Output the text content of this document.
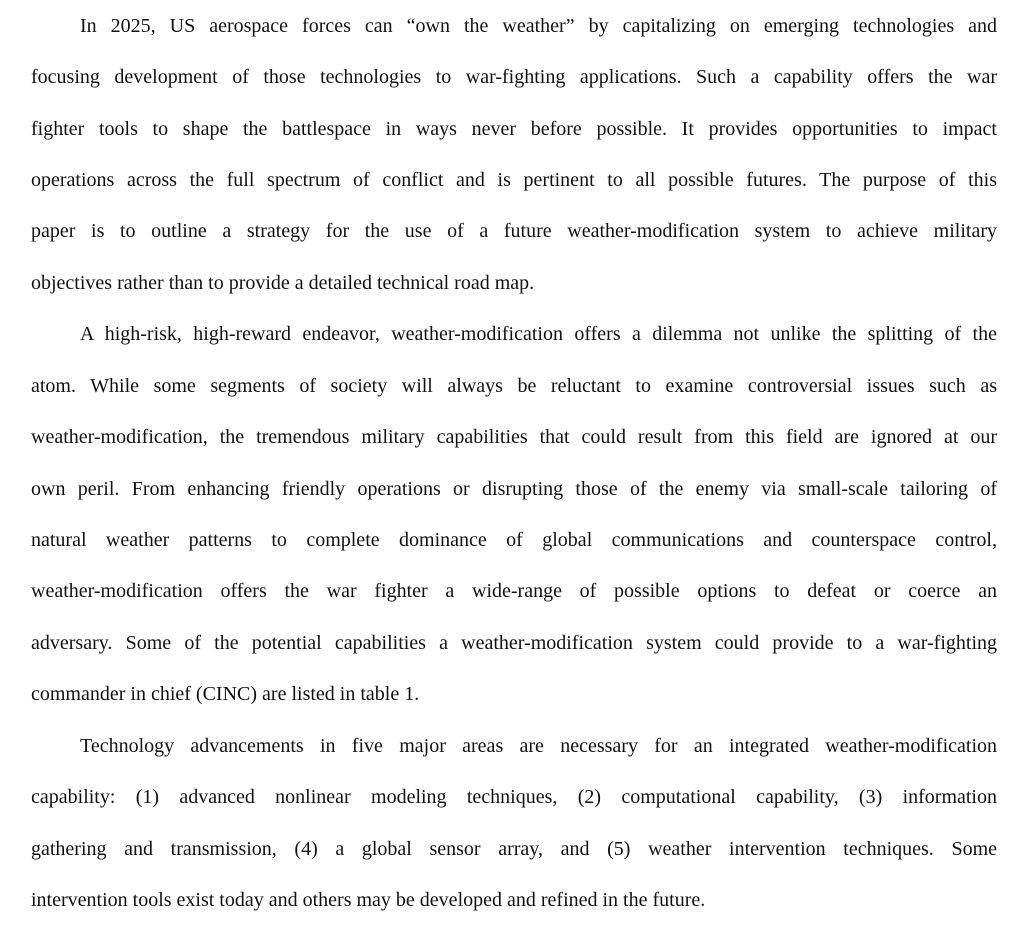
In 2025, US aerospace forces can “own the weather” by capitalizing on emerging technologies and
focusing development of those technologies to war-fighting applications. Such a capability offers the war
fighter tools to shape the battlespace in ways never before possible. It provides opportunities to impact
operations across the full spectrum of conflict and is pertinent to all possible futures. The purpose of this
paper is to outline a strategy for the use of a future weather-modification system to achieve military
objectives rather than to provide a detailed technical road map.
A high-risk, high-reward endeavor, weather-modification offers a dilemma not unlike the splitting of the
atom. While some segments of society will always be reluctant to examine controversial issues such as
weather-modification, the tremendous military capabilities that could result from this field are ignored at our
own peril. From enhancing friendly operations or disrupting those of the enemy via small-scale tailoring of
natural weather patterns to complete dominance of global communications and counterspace control,
weather-modification offers the war fighter a wide-range of possible options to defeat or coerce an
adversary. Some of the potential capabilities a weather-modification system could provide to a war-fighting
commander in chief (CINC) are listed in table 1.
Technology advancements in five major areas are necessary for an integrated weather-modification
capability: (1) advanced nonlinear modeling techniques, (2) computational capability, (3) information
gathering and transmission, (4) a global sensor array, and (5) weather intervention techniques. Some
intervention tools exist today and others may be developed and refined in the future.
